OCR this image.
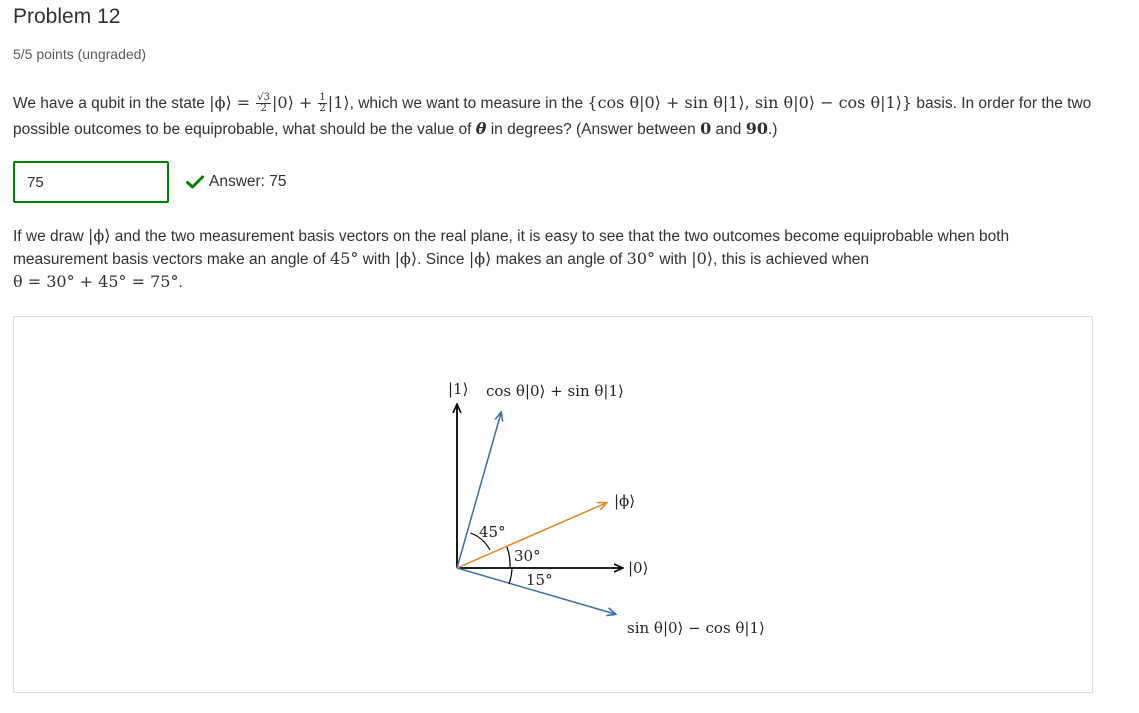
Problem 12
5/5 points (ungraded)
We have a qubit in the state |ϕ⟩ = $\frac{√3}{2}$ |0⟩ + $\frac{1}{2}$ |1⟩, which we want to measure in the {cos θ|0⟩ + sin θ|1⟩, sin θ|0⟩ − cos θ|1⟩} basis. In order for the two possible outcomes to be equiprobable, what should be the value of θ in degrees? (Answer between 0 and 90.)
75
Answer: 75
If we draw |ϕ⟩ and the two measurement basis vectors on the real plane, it is easy to see that the two outcomes become equiprobable when both measurement basis vectors make an angle of 45° with |ϕ⟩. Since |ϕ⟩ makes an angle of 30° with |0⟩, this is achieved when
θ = 30° + 45° = 75°.
|1⟩ cos θ|0⟩ + sin θ|1⟩
|ϕ⟩
|0⟩
sin θ|0⟩ − cos θ|1⟩
45°
30°
15°
